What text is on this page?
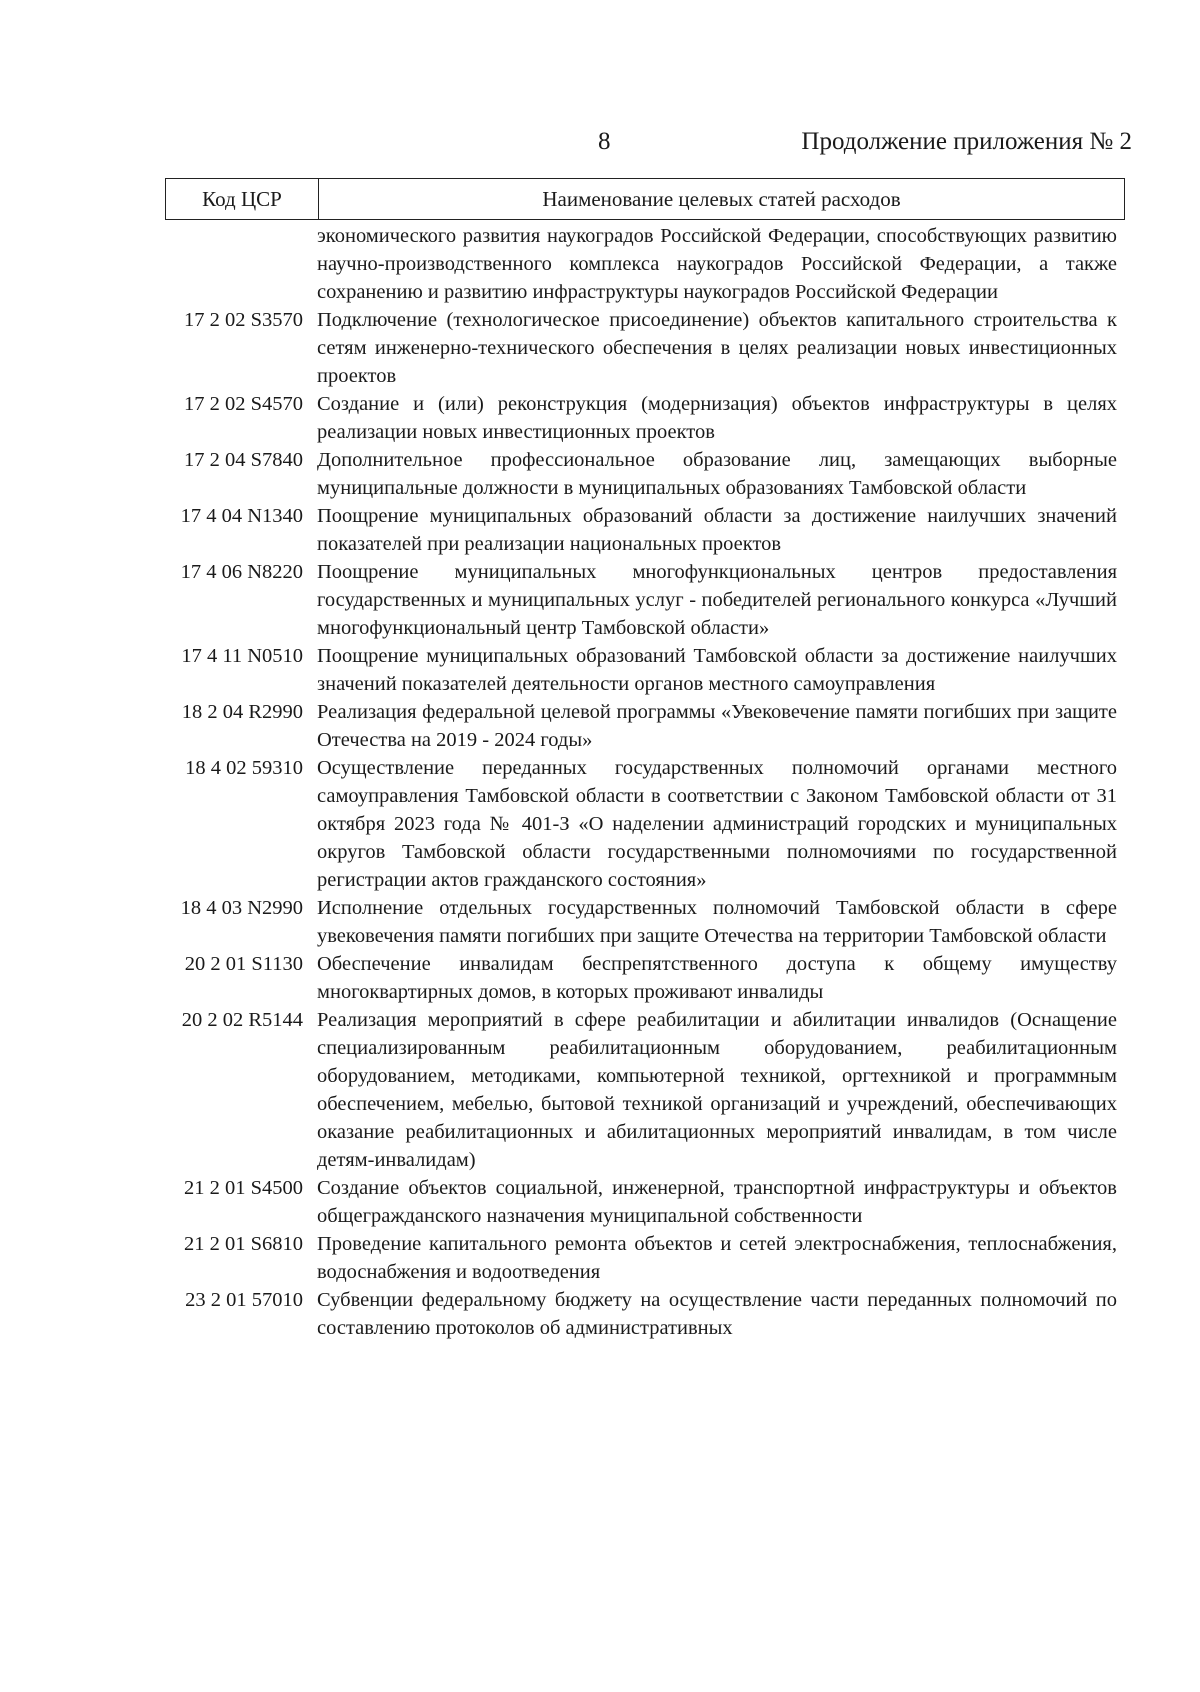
8	Продолжение приложения № 2
Код ЦСР	Наименование целевых статей расходов
экономического развития наукоградов Российской Федерации, способствующих развитию научно-производственного комплекса наукоградов Российской Федерации, а также сохранению и развитию инфраструктуры наукоградов Российской Федерации
17 2 02 S3570 Подключение (технологическое присоединение) объектов капитального строительства к сетям инженерно-технического обеспечения в целях реализации новых инвестиционных проектов
17 2 02 S4570 Создание и (или) реконструкция (модернизация) объектов инфраструктуры в целях реализации новых инвестиционных проектов
17 2 04 S7840 Дополнительное профессиональное образование лиц, замещающих выборные муниципальные должности в муниципальных образованиях Тамбовской области
17 4 04 N1340 Поощрение муниципальных образований области за достижение наилучших значений показателей при реализации национальных проектов
17 4 06 N8220 Поощрение муниципальных многофункциональных центров предоставления государственных и муниципальных услуг - победителей регионального конкурса «Лучший многофункциональный центр Тамбовской области»
17 4 11 N0510 Поощрение муниципальных образований Тамбовской области за достижение наилучших значений показателей деятельности органов местного самоуправления
18 2 04 R2990 Реализация федеральной целевой программы «Увековечение памяти погибших при защите Отечества на 2019 - 2024 годы»
18 4 02 59310 Осуществление переданных государственных полномочий органами местного самоуправления Тамбовской области в соответствии с Законом Тамбовской области от 31 октября 2023 года № 401-З «О наделении администраций городских и муниципальных округов Тамбовской области государственными полномочиями по государственной регистрации актов гражданского состояния»
18 4 03 N2990 Исполнение отдельных государственных полномочий Тамбовской области в сфере увековечения памяти погибших при защите Отечества на территории Тамбовской области
20 2 01 S1130 Обеспечение инвалидам беспрепятственного доступа к общему имуществу многоквартирных домов, в которых проживают инвалиды
20 2 02 R5144 Реализация мероприятий в сфере реабилитации и абилитации инвалидов (Оснащение специализированным реабилитационным оборудованием, реабилитационным оборудованием, методиками, компьютерной техникой, оргтехникой и программным обеспечением, мебелью, бытовой техникой организаций и учреждений, обеспечивающих оказание реабилитационных и абилитационных мероприятий инвалидам, в том числе детям-инвалидам)
21 2 01 S4500 Создание объектов социальной, инженерной, транспортной инфраструктуры и объектов общегражданского назначения муниципальной собственности
21 2 01 S6810 Проведение капитального ремонта объектов и сетей электроснабжения, теплоснабжения, водоснабжения и водоотведения
23 2 01 57010 Субвенции федеральному бюджету на осуществление части переданных полномочий по составлению протоколов об административных
